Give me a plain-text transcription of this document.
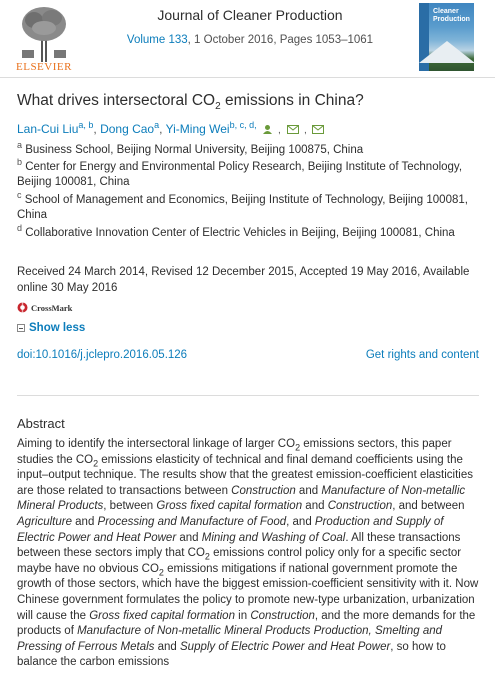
ELSEVIER
Journal of Cleaner Production
Volume 133, 1 October 2016, Pages 1053–1061
Cleaner Production
What drives intersectoral $CO_2$ emissions in China?
Lan-Cui Liu$^{a, b}$, Dong Cao$^a$, Yi-Ming Wei$^{b, c, d,}$
,
,

$^a$ Business School, Beijing Normal University, Beijing 100875, China
$^b$ Center for Energy and Environmental Policy Research, Beijing Institute of Technology, Beijing 100081, China
$^c$ School of Management and Economics, Beijing Institute of Technology, Beijing 100081, China
$^d$ Collaborative Innovation Center of Electric Vehicles in Beijing, Beijing 100081, China
Received 24 March 2014, Revised 12 December 2015, Accepted 19 May 2016, Available online 30 May 2016
CrossMark
Show less
doi:10.1016/j.jclepro.2016.05.126	Get rights and content
Abstract
Aiming to identify the intersectoral linkage of larger $CO_2$ emissions sectors, this paper studies the $CO_2$ emissions elasticity of technical and final demand coefficients using the input–output technique. The results show that the greatest emission-coefficient elasticities are those related to transactions between Construction and Manufacture of Non-metallic Mineral Products, between Gross fixed capital formation and Construction, and between Agriculture and Processing and Manufacture of Food, and Production and Supply of Electric Power and Heat Power and Mining and Washing of Coal. All these transactions between these sectors imply that $CO_2$ emissions control policy only for a specific sector maybe have no obvious $CO_2$ emissions mitigations if national government promote the growth of those sectors, which have the biggest emission-coefficient sensitivity with it. Now Chinese government formulates the policy to promote new-type urbanization, urbanization will cause the Gross fixed capital formation in Construction, and the more demands for the products of Manufacture of Non-metallic Mineral Products Production, Smelting and Pressing of Ferrous Metals and Supply of Electric Power and Heat Power, so how to balance the carbon emissions
